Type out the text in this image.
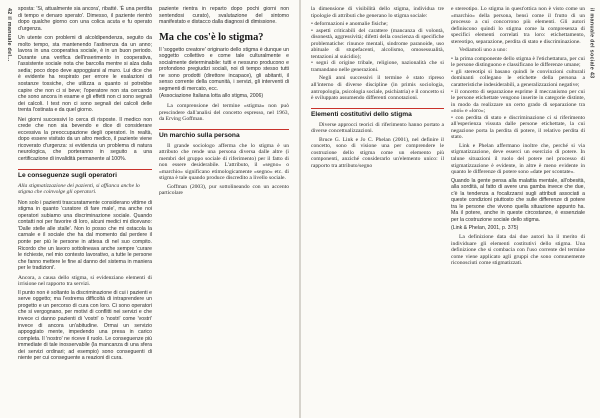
42 il manuale del... sposta: 'Si, attualmente sia ancora', ribatté. 'È una perdita di tempo e denaro sperato'. Dimesso, il paziente rientrò dopo qualche giorno con una colica acuta e fu operato d'urgenza.

Un utente con problemi di alcoldipendenza, seguito da molto tempo, sta mantenendo l'astinenza da un anno; lavora in una cooperativa sociale, è in un buon periodo. Durante una verifica dell'inserimento in cooperativa, l'assistente sociale nota che barcolla mentre si alza dalla sedia; poco dopo deve appoggiarsi al muro. Lui dice che è evidente ha respirato per errore le esalazioni di sostanze tossiche, che utilizza a quanto si potrebbe capire che non ci si beve; l'operatore non sta cercando che sono ancora in esame e gli effetti non ci sono segnali dei calcoli. I test non ci sono segnali dei calcoli delle trenta l'ostinata e da quel giorno.

Nei giorni successivi lo cerca di risposte. Il medico non crede che non sia bevendo e dice di considerare eccessiva la preoccupazione degli operatori. In realtà, dopo essere visitato da un altro medico, il paziente viene ricoverato d'urgenza: si evidenzia un problema di natura neurologica, che porteranno in seguito a una certificazione di invalidità permanente al 100%.

Le conseguenze sugli operatori

Alla stigmatizzazione dei pazienti, si affianca anche lo stigma che coinvolge gli operatori.

Non solo i pazienti trascuratamente considerano vittime di stigma in quanto 'curatore di fare male', ma anche noi operatori subiamo una discriminazione sociale. Quando contatti noi per favorire di loro, alcuni medici mi dicevano: 'Dalle stelle alle stalle'. Non lo posso che mi ostacola la carnale e il sociale che ha dal momento dal perdere il ponte per più le persone in attesa di nel suo compito. Ricordo che un lavoro sottolineava anche sempre 'curare le richieste, nel mio contesto lavorativo, a tutte le persone che fanno mettere le fine al danno del sistema in maniera per le tradizioni'.

Ancora, a causa dello stigma, si evidenziano elementi di irrisione nel rapporto tra servizi.

Il punto non è soltanto la discriminazione di cui i pazienti e serve oggetto; ma l'estrema difficoltà di intraprendere un progetto e un percorso di cura con loro. Ci sono operatori che si vergognano, per motivi di conflitti nei servizi e che invece ci danno pazienti di 'vostri' o 'nostri' come 'vostri' invece di ancora un'abitudine. Ormai un servizio appoggiato mente, impedendo una presa in carico completa. Il 'nostro' ne riceve il ruolo. Le conseguenze più immediate di tale inosservabile (la mancanza di una sfera dei servizi ordinari; ad esempio) sono conseguenti di niente per cui conseguente a reazioni di cura.

paziente rientra in reparto dopo pochi giorni non sentendosi curato), svalutazione del sintomo manifestato e distacco dalla diagnosi di dimissione.

Ma che cos'è lo stigma?

Il 'soggetto creatore' originario dello stigma è dunque un soggetto collettivo e come tale culturalmente e socialmente determinabile: tutti e nessuno producono e profondono pregiudizi sociali, noi di tempo stesso tutti ne sono prodotti (direttore incapace), gli abitanti, il senso corrente della comunità, i servizi, gli interventi di segmenti di mercato, ecc.

(Associazione Italiana lotta allo stigma, 2006)

La comprensione del termine «stigma» non può prescindere dall'analisi del concetto espresso, nel 1963, da Erving Goffman.

Un marchio sulla persona

Il grande sociologo afferma che lo stigma è un attributo che rende una persona diversa dalle altre (i membri del gruppo sociale di riferimento) per il fatto di non essere desiderabile. L'attributo, il «segno» o «marchio» significano etimologicamente «segno» etc. di stigma è tale quando produce discredito a livello sociale.

Goffman (2003), pur sottolineando con un accento particolare

il manuale del sociale 43

la dimensione di visibilità dello stigma, individua tre tipologie di attributi che generano lo stigma sociale:

• deformazioni e anomalie fisiche;
• aspetti criticabili del carattere (mancanza di volontà, disonestà, aggressività; difetti della coscienza di specifiche problematiche: rinunce mentali, sindrome paranoide, uso abituale di stupefacenti, alcolismo, omosessualità, tentazioni al suicidio);
• segni di origine tribale, religione, nazionalità che si tramandano nelle generazioni.

Negli anni successivi il termine è stato ripreso all'interno di diverse discipline (in primis sociologia, antropologia, psicologia sociale, psichiatria) e il concetto si è sviluppato assumendo differenti connotazioni.

Elementi costitutivi dello stigma

Diverse approcci teorici di riferimento hanno portato a diverse concettualizzazioni.

Bruce G. Link e Jo C. Phelan (2001), nel definire il concetto, sono di visione una per comprendere le costruzione dello stigma come un elemento più componenti, anziché considerarlo un'elemento unico: il rapporto tra attributo/segno

e stereotipo. Lo stigma in quest'ottica non è visto come un «marchio» della persona, bensì come il frutto di un processo a cui concorrono più elementi. Gli autori definiscono quindi lo stigma come la compresenza di specifici elementi correlati tra loro: etichettamento, stereotipo, separazione, perdita di stato e discriminazione.

Vediamoli uno a uno:

• la prima componente dello stigma è l'etichettatura, per cui le persone distinguono e classificano le differenze umane;
• gli stereotipi si basano quindi le convinzioni culturali dominanti collegano le etichette della persona a caratteristiche indesiderabili, a generalizzazioni negative;
• il concetto di separazione esprime il meccanismo per cui le persone etichettate vengono inserite in categorie distinte, in modo da realizzare un certo grado di separazione tra «noi» e «loro»;
• con perdita di stato e discriminazione ci si riferimento all'esperienza vissuta dalle persone etichettate, la cui negazione porta la perdita di potere, il relativo perdita di stato.

Link e Phelan affermano inoltre che, perché si via stigmatizzazione, deve esserci un esercizio di potere. In talune situazioni il ruolo del potere nel processo di stigmatizzazione è evidente, in altre è meno evidente in quanto le differenze di potere sono «date per scontate».

Quando la gente pensa alla malattia mentale, all'obesità, alla sordità, al fatto di avere una gamba invece che due, c'è la tendenza a focalizzarsi sugli attributi associati a queste condizioni piuttosto che sulle differenze di potere tra le persone che vivono quella situazione appunto ha. Ma il potere, anche in queste circostanze, è essenziale per la costruzione sociale dello stigma.

(Link & Phelan, 2001, p. 375)

La definizione data dai due autori ha il merito di individuare gli elementi costitutivi dello stigma. Una definizione che si combacia con l'uso corrente del termine come viene applicato agli gruppi che sono comunemente riconosciuti come stigmatizzati.
